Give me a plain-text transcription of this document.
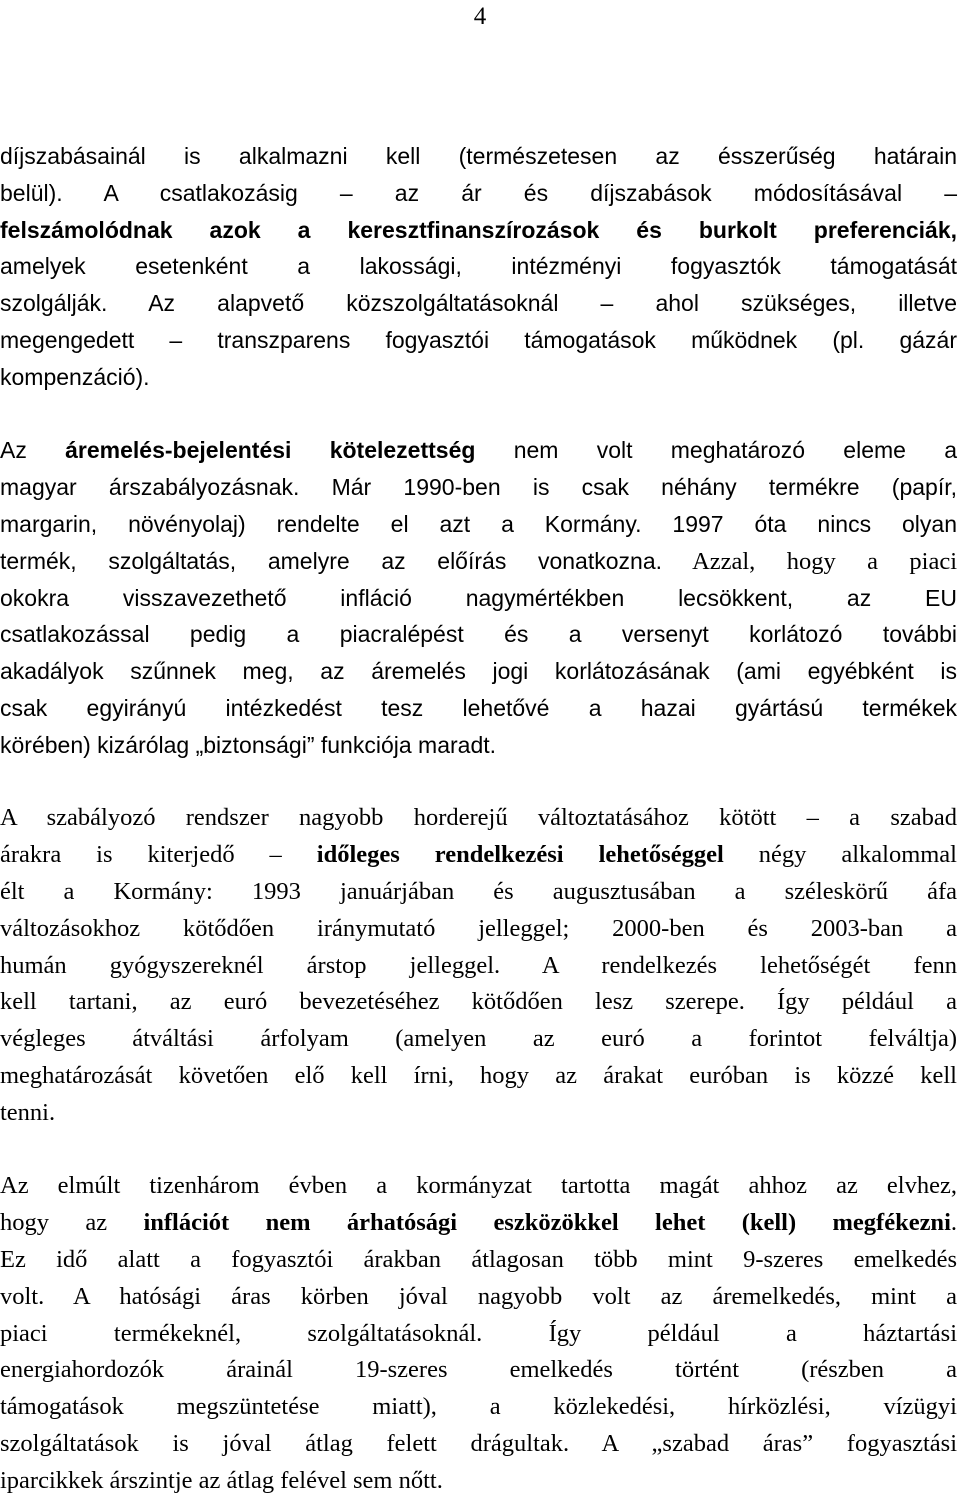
4
díjszabásainál is alkalmazni kell (természetesen az ésszerűség határain
belül). A csatlakozásig – az ár és díjszabások módosításával –
felszámolódnak azok a keresztfinanszírozások és burkolt preferenciák,
amelyek esetenként a lakossági, intézményi fogyasztók támogatását
szolgálják. Az alapvető közszolgáltatásoknál – ahol szükséges, illetve
megengedett – transzparens fogyasztói támogatások működnek (pl. gázár
kompenzáció).
Az áremelés-bejelentési kötelezettség nem volt meghatározó eleme a
magyar árszabályozásnak. Már 1990-ben is csak néhány termékre (papír,
margarin, növényolaj) rendelte el azt a Kormány. 1997 óta nincs olyan
termék, szolgáltatás, amelyre az előírás vonatkozna. Azzal, hogy a piaci
okokra visszavezethető infláció nagymértékben lecsökkent, az EU
csatlakozással pedig a piacralépést és a versenyt korlátozó további
akadályok szűnnek meg, az áremelés jogi korlátozásának (ami egyébként is
csak egyirányú intézkedést tesz lehetővé a hazai gyártású termékek
körében) kizárólag „biztonsági” funkciója maradt.
A szabályozó rendszer nagyobb horderejű változtatásához kötött – a szabad
árakra is kiterjedő – időleges rendelkezési lehetőséggel négy alkalommal
élt a Kormány: 1993 januárjában és augusztusában a széleskörű áfa
változásokhoz kötődően iránymutató jelleggel; 2000-ben és 2003-ban a
humán gyógyszereknél árstop jelleggel. A rendelkezés lehetőségét fenn
kell tartani, az euró bevezetéséhez kötődően lesz szerepe. Így például a
végleges átváltási árfolyam (amelyen az euró a forintot felváltja)
meghatározását követően elő kell írni, hogy az árakat euróban is közzé kell
tenni.
Az elmúlt tizenhárom évben a kormányzat tartotta magát ahhoz az elvhez,
hogy az inflációt nem árhatósági eszközökkel lehet (kell) megfékezni.
Ez idő alatt a fogyasztói árakban átlagosan több mint 9-szeres emelkedés
volt. A hatósági áras körben jóval nagyobb volt az áremelkedés, mint a
piaci termékeknél, szolgáltatásoknál. Így például a háztartási
energiahordozók árainál 19-szeres emelkedés történt (részben a
támogatások megszüntetése miatt), a közlekedési, hírközlési, vízügyi
szolgáltatások is jóval átlag felett drágultak. A „szabad áras” fogyasztási
iparcikkek árszintje az átlag felével sem nőtt.
